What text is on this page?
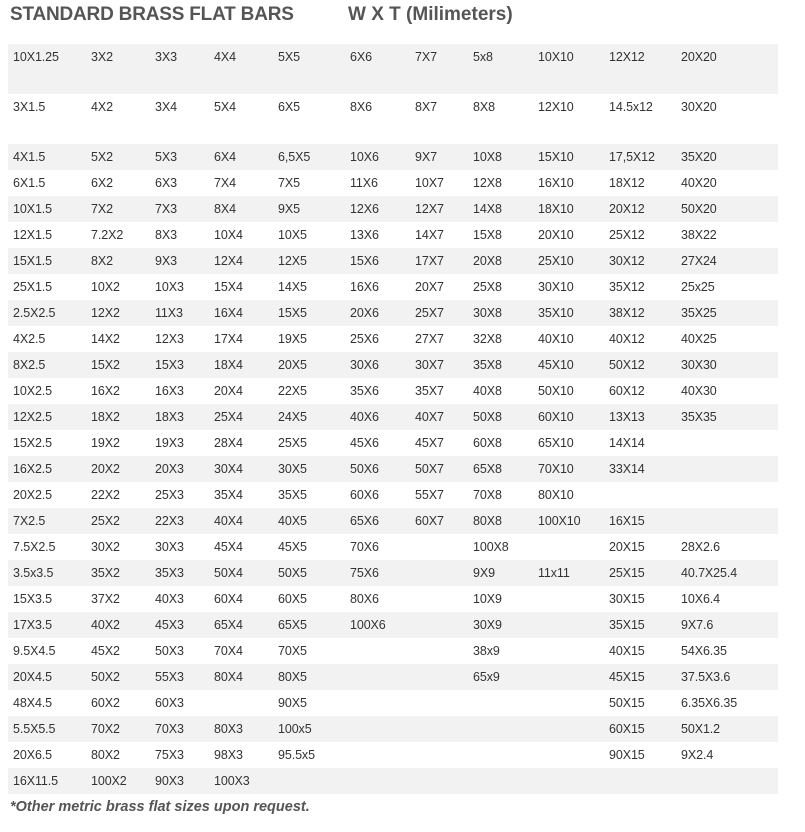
STANDARD BRASS FLAT BARS	W X T (Milimeters)
10X1.25	3X2	3X3	4X4	5X5	6X6	7X7	5x8	10X10	12X12	20X20
3X1.5	4X2	3X4	5X4	6X5	8X6	8X7	8X8	12X10	14.5x12	30X20
4X1.5	5X2	5X3	6X4	6,5X5	10X6	9X7	10X8	15X10	17,5X12	35X20
6X1.5	6X2	6X3	7X4	7X5	11X6	10X7	12X8	16X10	18X12	40X20
10X1.5	7X2	7X3	8X4	9X5	12X6	12X7	14X8	18X10	20X12	50X20
12X1.5	7.2X2	8X3	10X4	10X5	13X6	14X7	15X8	20X10	25X12	38X22
15X1.5	8X2	9X3	12X4	12X5	15X6	17X7	20X8	25X10	30X12	27X24
25X1.5	10X2	10X3	15X4	14X5	16X6	20X7	25X8	30X10	35X12	25x25
2.5X2.5	12X2	11X3	16X4	15X5	20X6	25X7	30X8	35X10	38X12	35X25
4X2.5	14X2	12X3	17X4	19X5	25X6	27X7	32X8	40X10	40X12	40X25
8X2.5	15X2	15X3	18X4	20X5	30X6	30X7	35X8	45X10	50X12	30X30
10X2.5	16X2	16X3	20X4	22X5	35X6	35X7	40X8	50X10	60X12	40X30
12X2.5	18X2	18X3	25X4	24X5	40X6	40X7	50X8	60X10	13X13	35X35
15X2.5	19X2	19X3	28X4	25X5	45X6	45X7	60X8	65X10	14X14	
16X2.5	20X2	20X3	30X4	30X5	50X6	50X7	65X8	70X10	33X14	
20X2.5	22X2	25X3	35X4	35X5	60X6	55X7	70X8	80X10		
7X2.5	25X2	22X3	40X4	40X5	65X6	60X7	80X8	100X10	16X15	
7.5X2.5	30X2	30X3	45X4	45X5	70X6		100X8		20X15	28X2.6
3.5x3.5	35X2	35X3	50X4	50X5	75X6		9X9	11x11	25X15	40.7X25.4
15X3.5	37X2	40X3	60X4	60X5	80X6		10X9		30X15	10X6.4
17X3.5	40X2	45X3	65X4	65X5	100X6		30X9		35X15	9X7.6
9.5X4.5	45X2	50X3	70X4	70X5			38x9		40X15	54X6.35
20X4.5	50X2	55X3	80X4	80X5			65x9		45X15	37.5X3.6
48X4.5	60X2	60X3		90X5					50X15	6.35X6.35
5.5X5.5	70X2	70X3	80X3	100x5					60X15	50X1.2
20X6.5	80X2	75X3	98X3	95.5x5					90X15	9X2.4
16X11.5	100X2	90X3	100X3							
*Other metric brass flat sizes upon request.
